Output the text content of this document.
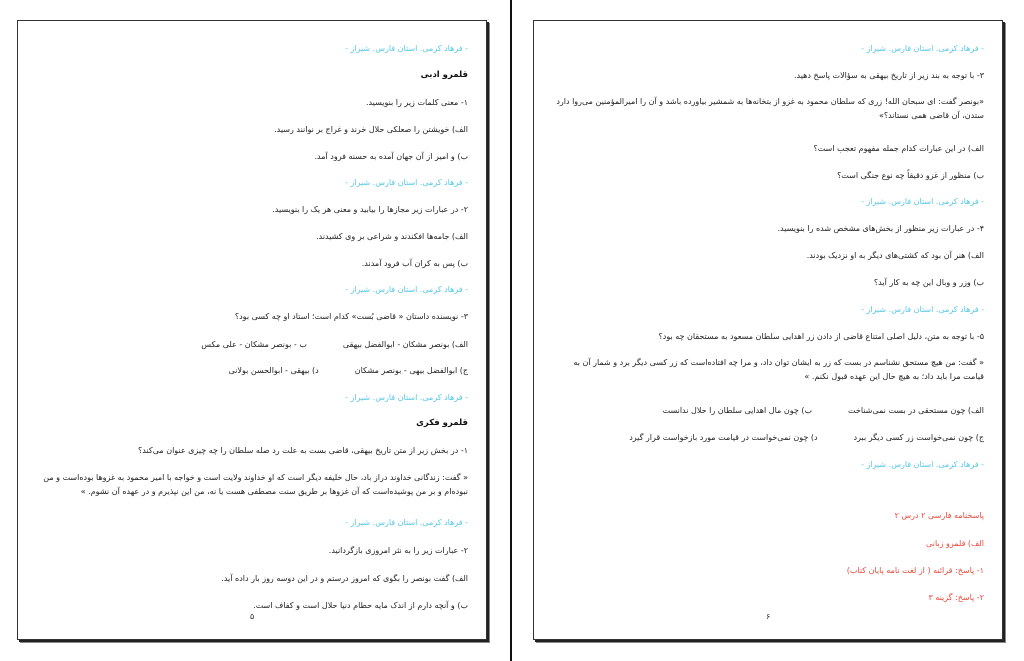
- فرهاد کرمی. استان فارس. شیراز -
قلمرو ادبی
۱- معنی کلمات زیر را بنویسید.
الف) خویشتن را صعلکی حلال خرند و غراج بر نوانند رسید.
ب) و امیر از آن جهان آمده به حسنه فرود آمد.
- فرهاد کرمی. استان فارس. شیراز -
۲- در عبارات زیر مجازها را بیابید و معنی هر یک را بنویسید.
الف) جامه‌ها افکندند و شراعی بر وی کشیدند.
ب) پس به کران آب فرود آمدند.
- فرهاد کرمی. استان فارس. شیراز -
۳- نویسنده داستان « قاضی بُست» کدام است؛ استاد او چه کسی بود؟
الف) بونصر مشکان - ابوالفضل بیهقی
ب - بونصر مشکان - علی مکس
ج) ابوالفضل بیهی - بونصر مشکان
د) بیهقی - ابوالحسن بولانی
- فرهاد کرمی. استان فارس. شیراز -
قلمرو فکری
۱- در بخش زیر از متن تاریخ بیهقی، قاضی بست به علت رد صله سلطان را چه چیزی عنوان می‌کند؟
« گفت: زندگانی خداوند دراز باد، حال خلیفه دیگر است که او خداوند ولایت است و خواجه با امیر محمود به غزوها بوده‌است و من نبوده‌ام و بر من پوشیده‌است که آن غزوها بر طریق سنت مصطفی هست یا نه، من این نپذیرم و در عهده آن نشوم. »
- فرهاد کرمی. استان فارس. شیراز -
۲- عبارات زیر را به نثر امروزی بازگردانید.
الف) گفت بونصر را بگوی که امروز درستم و در این دوسه روز بار داده آید.
ب) و آنچه دارم از اندک مایه حطام دنیا حلال است و کفاف است.
۵
- فرهاد کرمی. استان فارس. شیراز -
۳- با توجه به بند زیر از تاریخ بیهقی به سؤالات پاسخ دهید.
«بونصر گفت: ای سبحان الله! زری که سلطان محمود به غزو از بتخانه‌ها به شمشیر بیاورده باشد و آن را امیرالمؤمنین می‌روا دارد ستدن، آن قاضی همی نستاند؟»
الف) در این عبارات کدام جمله مفهوم تعجب است؟
ب) منظور از غزو دقیقاً چه نوع جنگی است؟
- فرهاد کرمی. استان فارس. شیراز -
۴- در عبارات زیر منظور از بخش‌های مشخص شده را بنویسید.
الف) هنر آن بود که کشتی‌های دیگر به او نزدیک بودند.
ب) وزر و وبال این چه به کار آید؟
- فرهاد کرمی. استان فارس. شیراز -
۵- با توجه به متن، دلیل اصلی امتناع قاضی از دادن زر اهدایی سلطان مسعود به مستحقان چه بود؟
« گفت: من هیچ مستحق نشناسم در بست که زر به ایشان توان داد، و مرا چه افتاده‌است که زر کسی دیگر برد و شمار آن به قیامت مرا باید داد؛ به هیچ حال این عهده قبول نکنم. »
الف) چون مستحقی در بست نمی‌شناخت
ب) چون مال اهدایی سلطان را حلال ندانست
ج) چون نمی‌خواست زر کسی دیگر ببرد
د) چون نمی‌خواست در قیامت مورد بازخواست قرار گیرد
- فرهاد کرمی. استان فارس. شیراز -
پاسخنامه فارسی ۲ درس ۲
الف) قلمرو زبانی
۱- پاسخ: قرائنه ( از لغت نامه پایان کتاب)
۲- پاسخ: گزینه ۳
۶
